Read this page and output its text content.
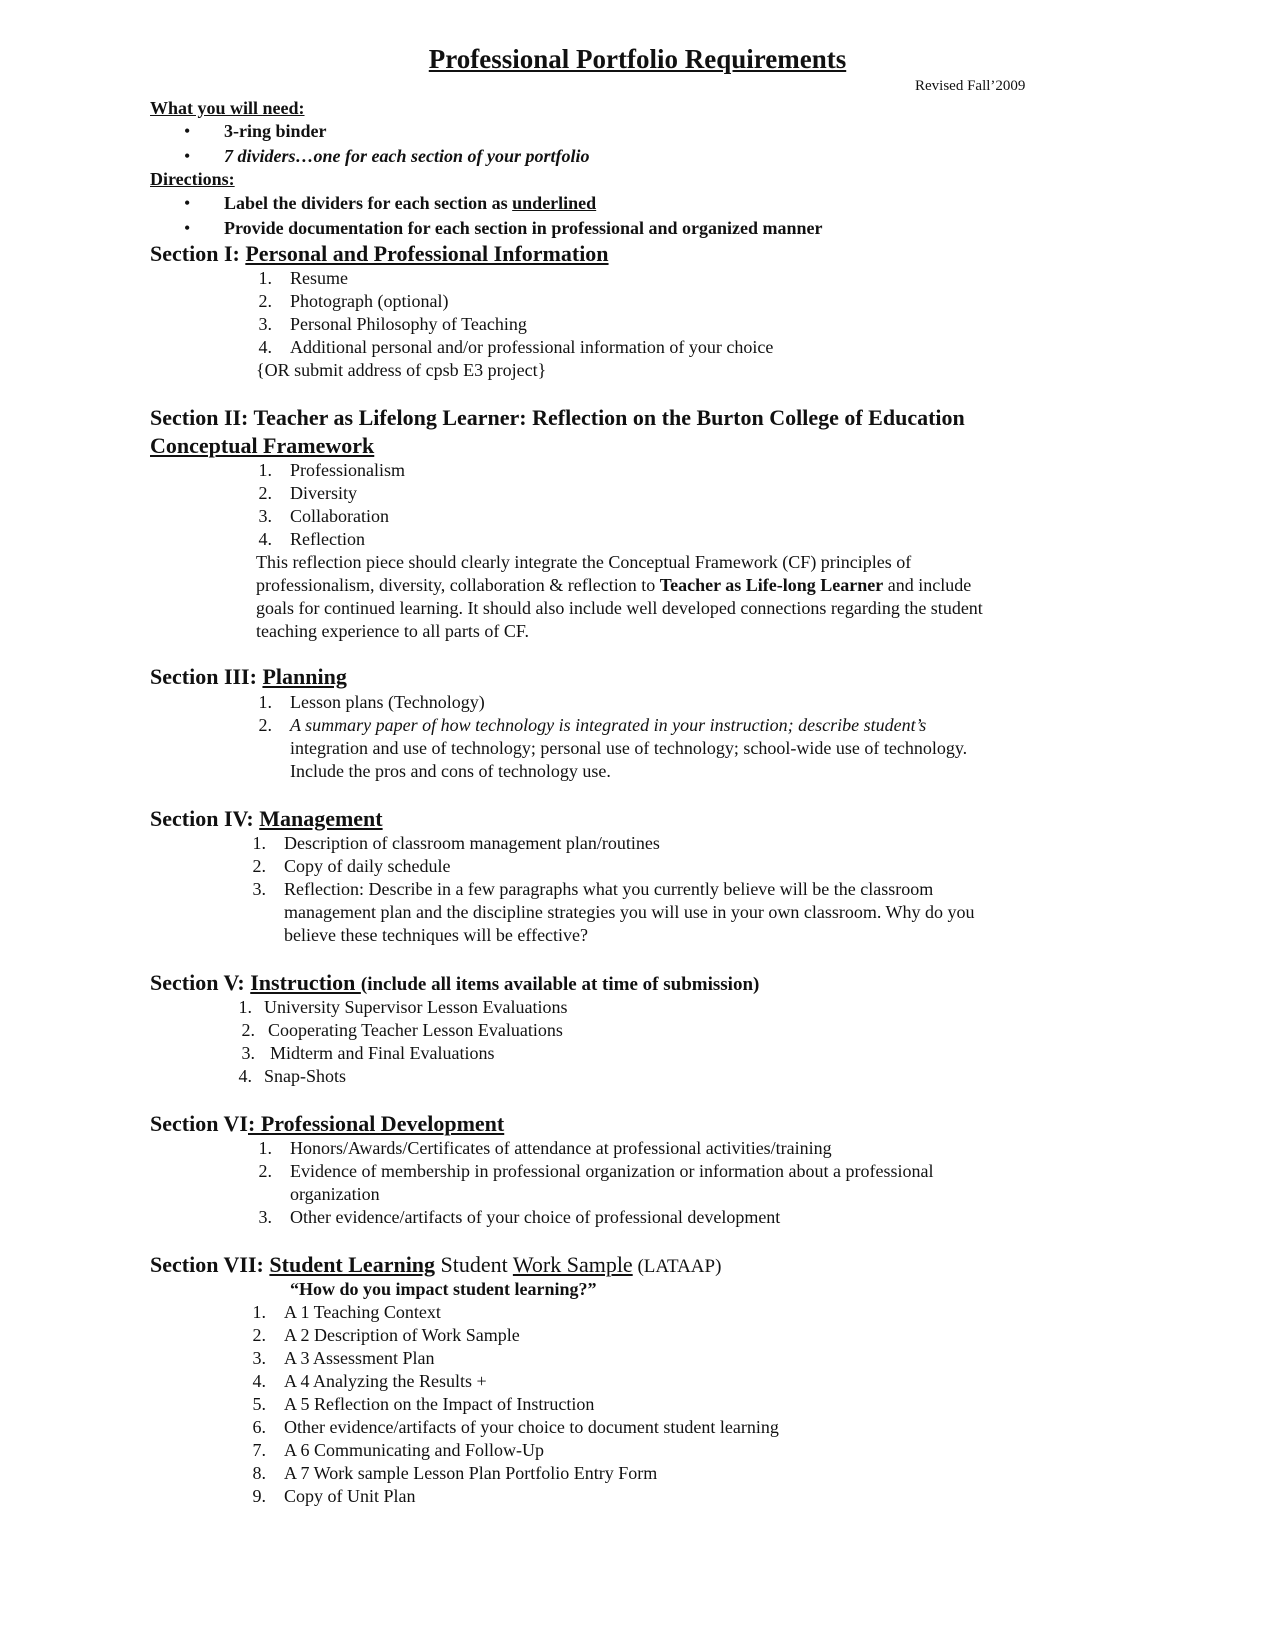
Professional Portfolio Requirements
Revised Fall’2009
What you will need:
• 3-ring binder
• 7 dividers…one for each section of your portfolio
Directions:
• Label the dividers for each section as underlined
• Provide documentation for each section in professional and organized manner
Section I: Personal and Professional Information
1. Resume
2. Photograph (optional)
3. Personal Philosophy of Teaching
4. Additional personal and/or professional information of your choice
{OR submit address of cpsb E3 project}
Section II: Teacher as Lifelong Learner: Reflection on the Burton College of Education
Conceptual Framework
1. Professionalism
2. Diversity
3. Collaboration
4. Reflection
This reflection piece should clearly integrate the Conceptual Framework (CF) principles of
professionalism, diversity, collaboration & reflection to Teacher as Life-long Learner and include
goals for continued learning. It should also include well developed connections regarding the student
teaching experience to all parts of CF.
Section III: Planning
1. Lesson plans (Technology)
2. A summary paper of how technology is integrated in your instruction; describe student’s
integration and use of technology; personal use of technology; school-wide use of technology.
Include the pros and cons of technology use.
Section IV: Management
1. Description of classroom management plan/routines
2. Copy of daily schedule
3. Reflection: Describe in a few paragraphs what you currently believe will be the classroom
management plan and the discipline strategies you will use in your own classroom. Why do you
believe these techniques will be effective?
Section V: Instruction (include all items available at time of submission)
1. University Supervisor Lesson Evaluations
2. Cooperating Teacher Lesson Evaluations
3. Midterm and Final Evaluations
4. Snap-Shots
Section VI: Professional Development
1. Honors/Awards/Certificates of attendance at professional activities/training
2. Evidence of membership in professional organization or information about a professional
organization
3. Other evidence/artifacts of your choice of professional development
Section VII: Student Learning Student Work Sample (LATAAP)
“How do you impact student learning?”
1. A 1 Teaching Context
2. A 2 Description of Work Sample
3. A 3 Assessment Plan
4. A 4 Analyzing the Results +
5. A 5 Reflection on the Impact of Instruction
6. Other evidence/artifacts of your choice to document student learning
7. A 6 Communicating and Follow-Up
8. A 7 Work sample Lesson Plan Portfolio Entry Form
9. Copy of Unit Plan
